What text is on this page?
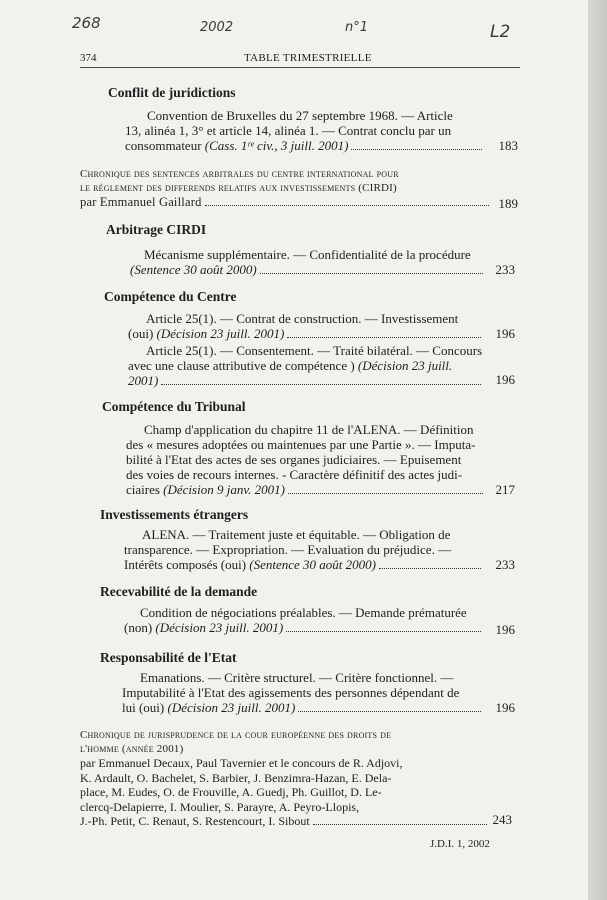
268	2002	n°1	L2
374	TABLE TRIMESTRIELLE
Conflit de juridictions
Convention de Bruxelles du 27 septembre 1968. — Article
13, alinéa 1, 3° et article 14, alinéa 1. — Contrat conclu par un
consommateur (Cass. 1ʳᵉ civ., 3 juill. 2001)	183
Chronique des sentences arbitrales du centre international pour
le règlement des differends relatifs aux investissements (CIRDI)
par Emmanuel Gaillard	189
Arbitrage CIRDI
Mécanisme supplémentaire. — Confidentialité de la procédure
(Sentence 30 août 2000)	233
Compétence du Centre
Article 25(1). — Contrat de construction. — Investissement
(oui) (Décision 23 juill. 2001)	196
Article 25(1). — Consentement. — Traité bilatéral. — Concours
avec une clause attributive de compétence ) (Décision 23 juill.
2001)	196
Compétence du Tribunal
Champ d'application du chapitre 11 de l'ALENA. — Définition
des « mesures adoptées ou maintenues par une Partie ». — Imputa-
bilité à l'Etat des actes de ses organes judiciaires. — Epuisement
des voies de recours internes. - Caractère définitif des actes judi-
ciaires (Décision 9 janv. 2001)	217
Investissements étrangers
ALENA. — Traitement juste et équitable. — Obligation de
transparence. — Expropriation. — Evaluation du préjudice. —
Intérêts composés (oui) (Sentence 30 août 2000)	233
Recevabilité de la demande
Condition de négociations préalables. — Demande prématurée
(non) (Décision 23 juill. 2001)	196
Responsabilité de l'Etat
Emanations. — Critère structurel. — Critère fonctionnel. —
Imputabilité à l'Etat des agissements des personnes dépendant de
lui (oui) (Décision 23 juill. 2001)	196
Chronique de jurisprudence de la cour européenne des droits de
l'homme (année 2001)
par Emmanuel Decaux, Paul Tavernier et le concours de R. Adjovi,
K. Ardault, O. Bachelet, S. Barbier, J. Benzimra-Hazan, E. Dela-
place, M. Eudes, O. de Frouville, A. Guedj, Ph. Guillot, D. Le-
clercq-Delapierre, I. Moulier, S. Parayre, A. Peyro-Llopis,
J.-Ph. Petit, C. Renaut, S. Restencourt, I. Sibout	243
J.D.I. 1, 2002
